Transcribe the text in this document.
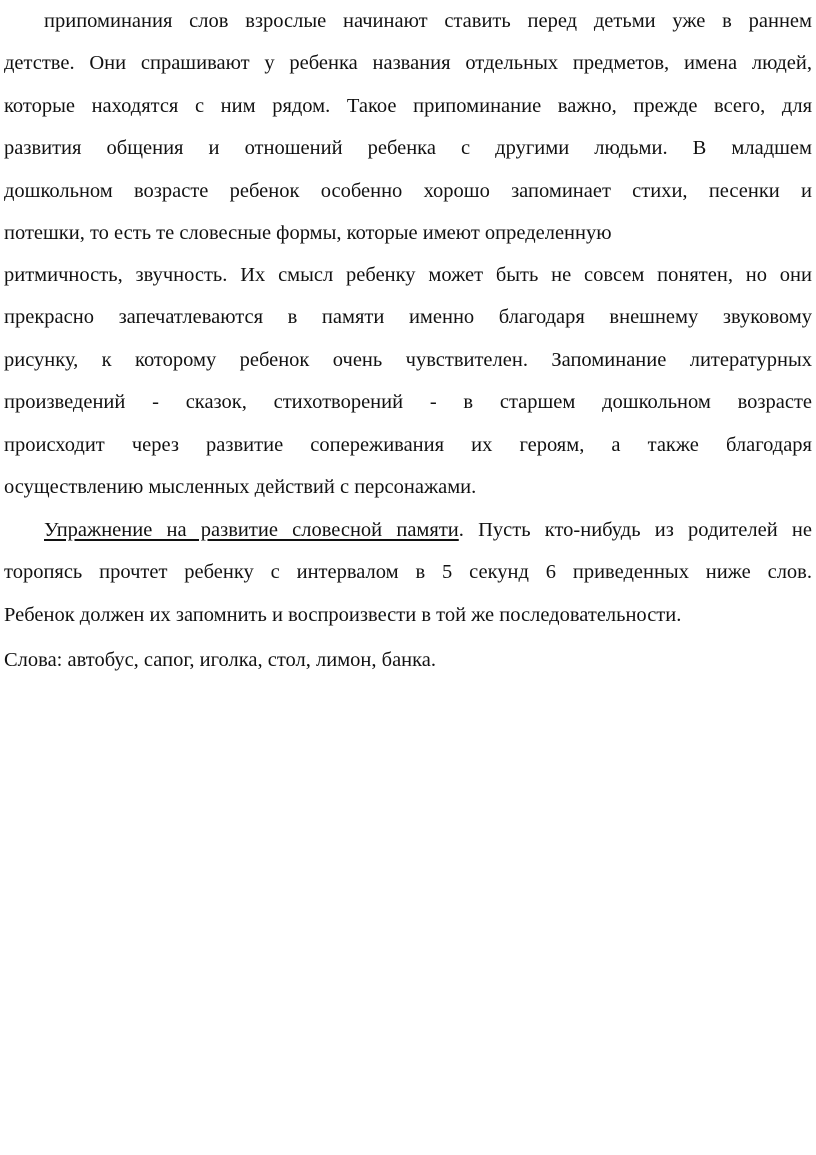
припоминания слов взрослые начинают ставить перед детьми уже в раннем
детстве. Они спрашивают у ребенка названия отдельных предметов, имена людей,
которые находятся с ним рядом. Такое припоминание важно, прежде всего, для
развития общения и отношений ребенка с другими людьми. В младшем
дошкольном возрасте ребенок особенно хорошо запоминает стихи, песенки и
потешки, то есть те словесные формы, которые имеют определенную
ритмичность, звучность. Их смысл ребенку может быть не совсем понятен, но они
прекрасно запечатлеваются в памяти именно благодаря внешнему звуковому
рисунку, к которому ребенок очень чувствителен. Запоминание литературных
произведений - сказок, стихотворений - в старшем дошкольном возрасте
происходит через развитие сопереживания их героям, а также благодаря
осуществлению мысленных действий с персонажами.
Упражнение на развитие словесной памяти. Пусть кто-нибудь из родителей не
торопясь прочтет ребенку с интервалом в 5 секунд 6 приведенных ниже слов.
Ребенок должен их запомнить и воспроизвести в той же последовательности.
Слова: автобус, сапог, иголка, стол, лимон, банка.
